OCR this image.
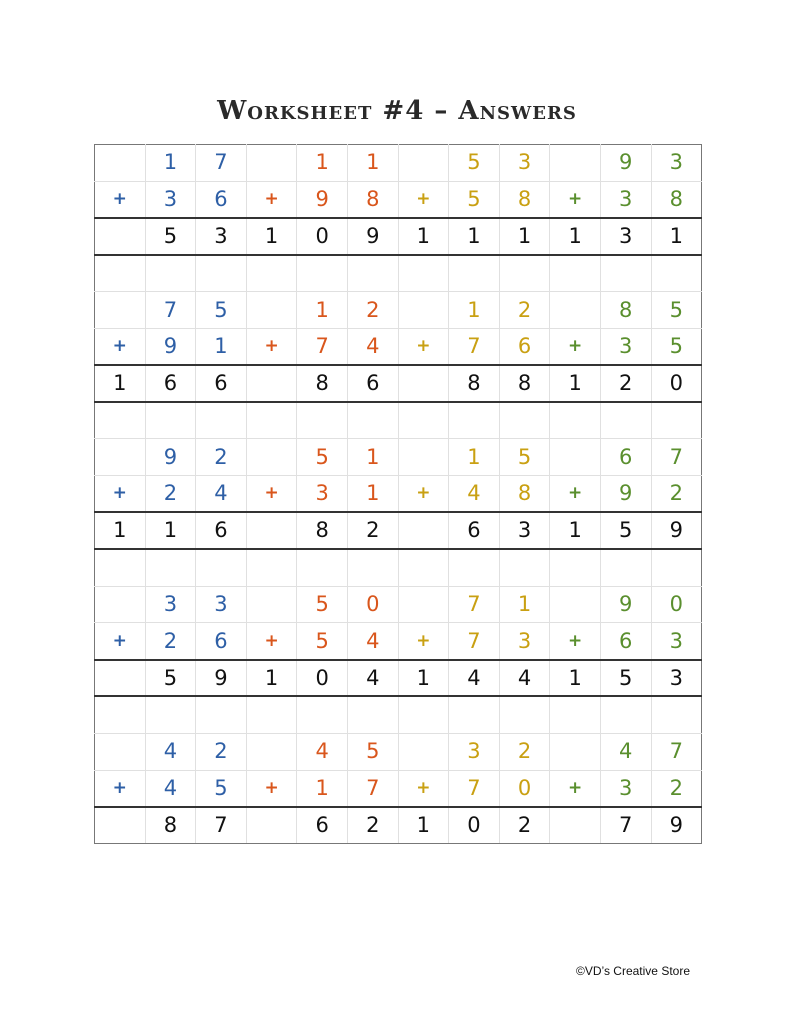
Worksheet #4 – Answers
	1	7		1	1		5	3		9	3
+	3	6	+	9	8	+	5	8	+	3	8
	5	3	1	0	9	1	1	1	1	3	1

	7	5		1	2		1	2		8	5
+	9	1	+	7	4	+	7	6	+	3	5
1	6	6		8	6		8	8	1	2	0

	9	2		5	1		1	5		6	7
+	2	4	+	3	1	+	4	8	+	9	2
1	1	6		8	2		6	3	1	5	9

	3	3		5	0		7	1		9	0
+	2	6	+	5	4	+	7	3	+	6	3
	5	9	1	0	4	1	4	4	1	5	3

	4	2		4	5		3	2		4	7
+	4	5	+	1	7	+	7	0	+	3	2
	8	7		6	2	1	0	2		7	9
©VD’s Creative Store
